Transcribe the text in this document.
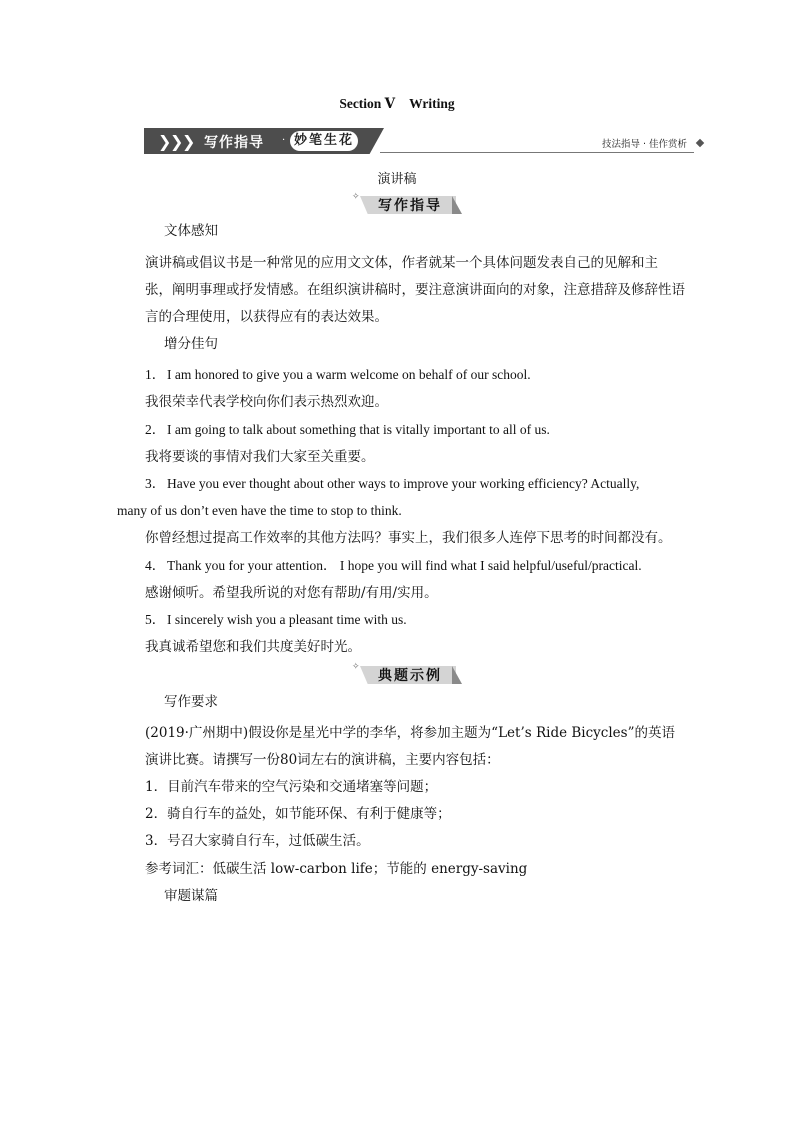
Section Ⅴ Writing
❯
❯
❯ 写作指导 · 妙笔生花	技法指导 · 佳作赏析
演讲稿
✧
写作指导
文体感知
演讲稿或倡议书是一种常见的应用文文体，作者就某一个具体问题发表自己的见解和主
张，阐明事理或抒发情感。在组织演讲稿时，要注意演讲面向的对象，注意措辞及修辞性语
言的合理使用，以获得应有的表达效果。
增分佳句
1． I am honored to give you a warm welcome on behalf of our school.
我很荣幸代表学校向你们表示热烈欢迎。
2． I am going to talk about something that is vitally important to all of us.
我将要谈的事情对我们大家至关重要。
3． Have you ever thought about other ways to improve your working efficiency? Actually,
many of us don’t even have the time to stop to think.
你曾经想过提高工作效率的其他方法吗？事实上，我们很多人连停下思考的时间都没有。
4． Thank you for your attention． I hope you will find what I said helpful/useful/practical.
感谢倾听。希望我所说的对您有帮助/有用/实用。
5． I sincerely wish you a pleasant time with us.
我真诚希望您和我们共度美好时光。
✧
典题示例
写作要求
(2019·广州期中)假设你是星光中学的李华，将参加主题为“Let’s Ride Bicycles”的英语
演讲比赛。请撰写一份80词左右的演讲稿，主要内容包括：
1．目前汽车带来的空气污染和交通堵塞等问题；
2．骑自行车的益处，如节能环保、有利于健康等；
3．号召大家骑自行车，过低碳生活。
参考词汇：低碳生活 low-carbon life；节能的 energy-saving
审题谋篇
